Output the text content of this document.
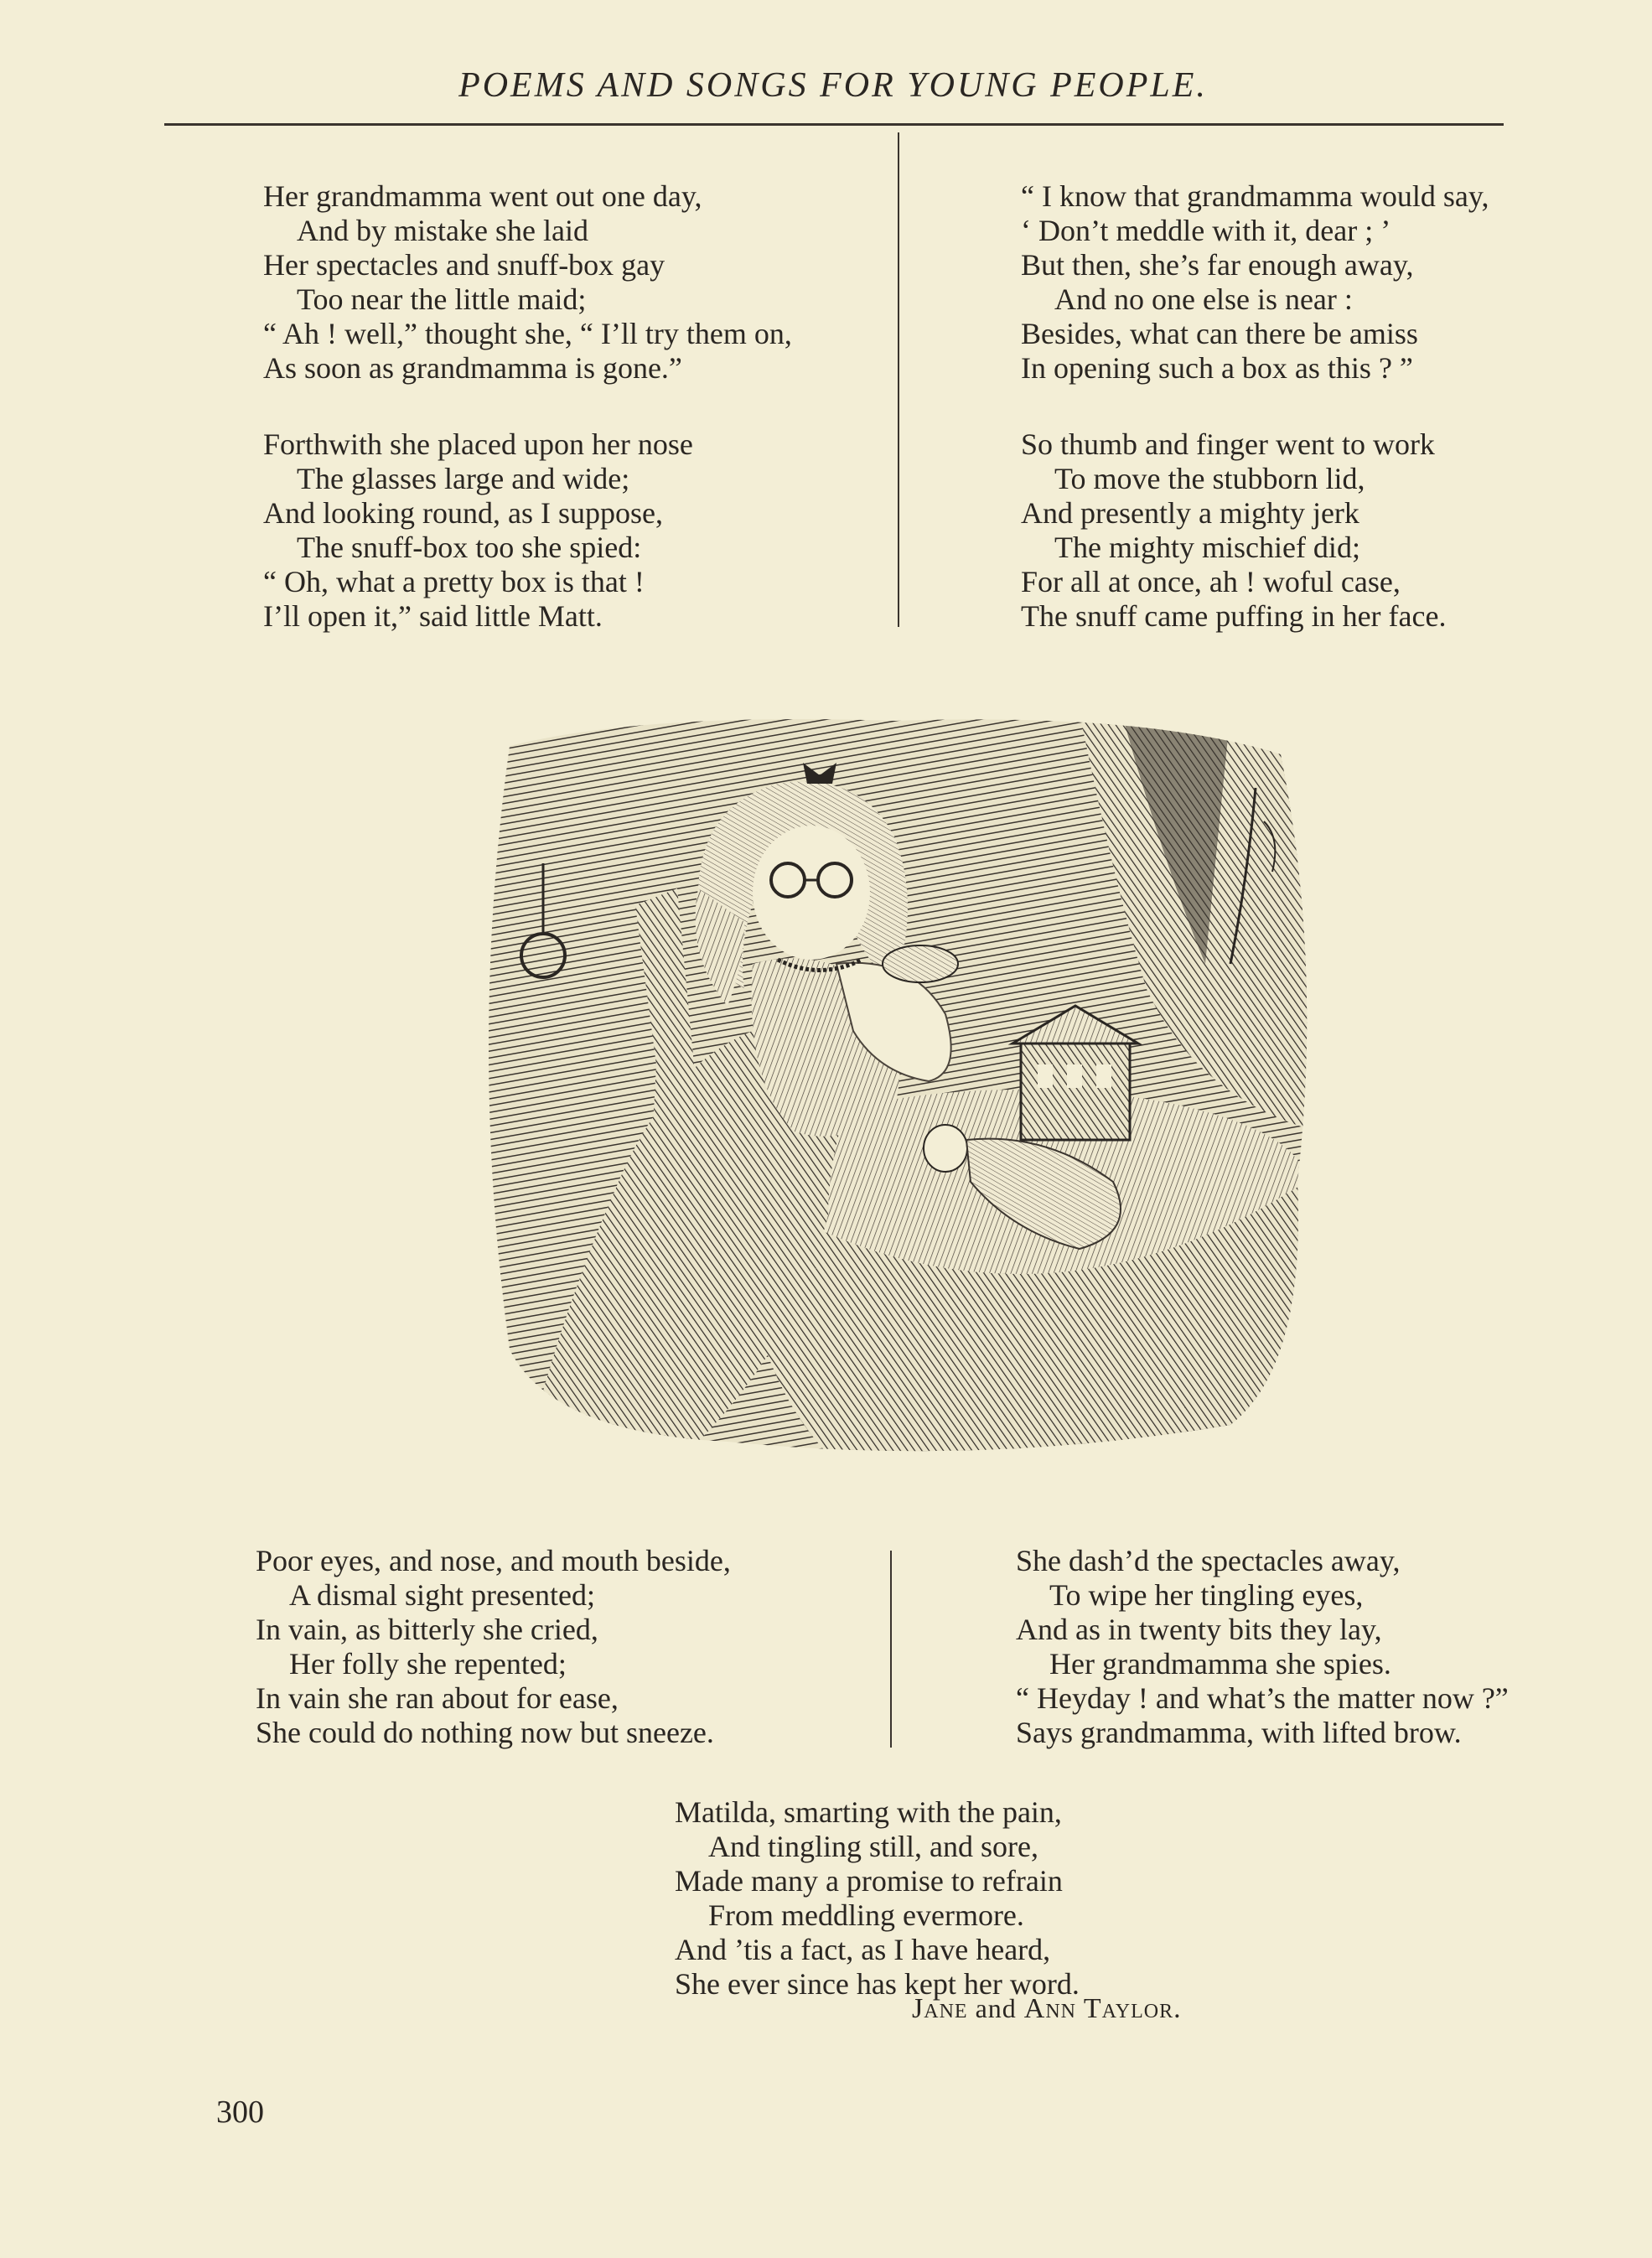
POEMS AND SONGS FOR YOUNG PEOPLE.
Her grandmamma went out one day,
And by mistake she laid
Her spectacles and snuff-box gay
Too near the little maid;
“ Ah ! well,” thought she, “ I’ll try them on,
As soon as grandmamma is gone.”
Forthwith she placed upon her nose
The glasses large and wide;
And looking round, as I suppose,
The snuff-box too she spied:
“ Oh, what a pretty box is that !
I’ll open it,” said little Matt.
“ I know that grandmamma would say,
‘ Don’t meddle with it, dear ; ’
But then, she’s far enough away,
And no one else is near :
Besides, what can there be amiss
In opening such a box as this ? ”
So thumb and finger went to work
To move the stubborn lid,
And presently a mighty jerk
The mighty mischief did;
For all at once, ah ! woful case,
The snuff came puffing in her face.
Poor eyes, and nose, and mouth beside,
A dismal sight presented;
In vain, as bitterly she cried,
Her folly she repented;
In vain she ran about for ease,
She could do nothing now but sneeze.
She dash’d the spectacles away,
To wipe her tingling eyes,
And as in twenty bits they lay,
Her grandmamma she spies.
“ Heyday ! and what’s the matter now ?”
Says grandmamma, with lifted brow.
Matilda, smarting with the pain,
And tingling still, and sore,
Made many a promise to refrain
From meddling evermore.
And ’tis a fact, as I have heard,
She ever since has kept her word.
Jane and Ann Taylor.
300
